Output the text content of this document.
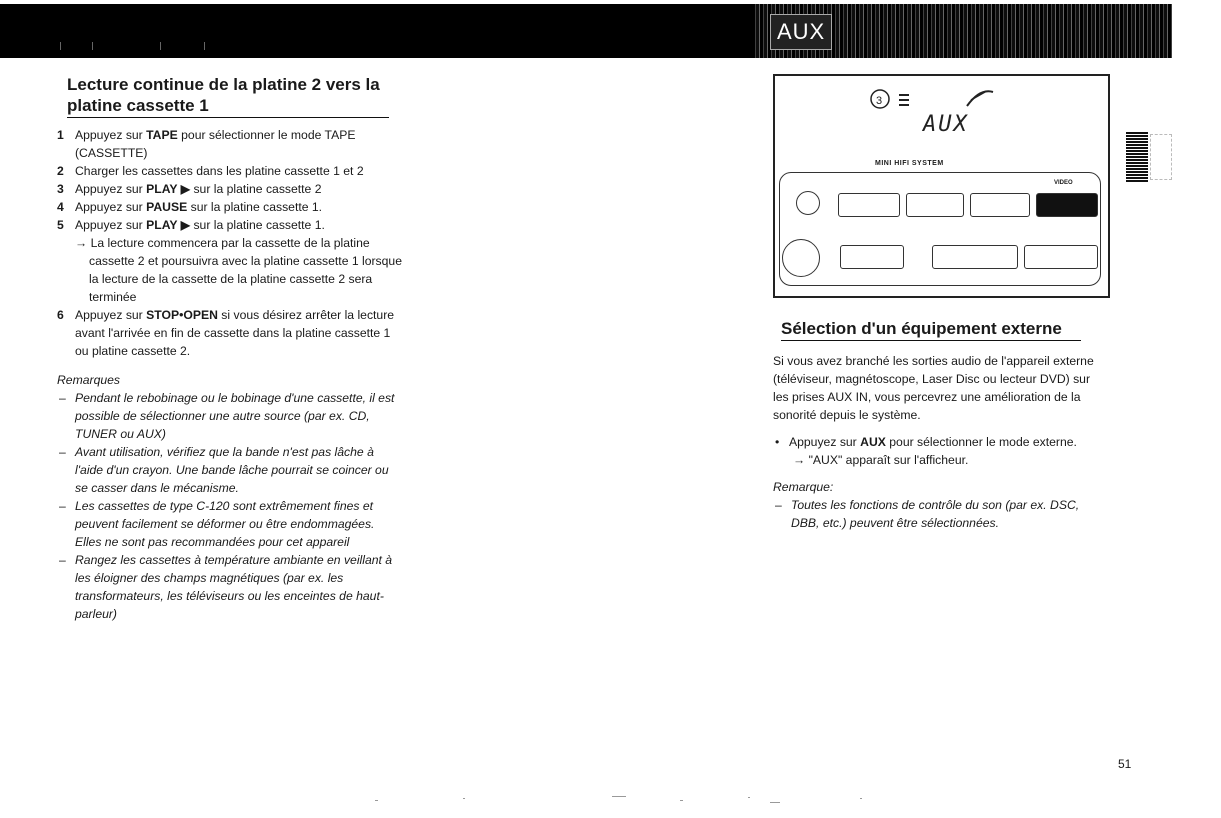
AUX
Lecture continue de la platine 2 vers la platine cassette 1
1 Appuyez sur TAPE pour sélectionner le mode TAPE (CASSETTE)
2 Charger les cassettes dans les platine cassette 1 et 2
3 Appuyez sur PLAY ▶ sur la platine cassette 2
4 Appuyez sur PAUSE sur la platine cassette 1.
5 Appuyez sur PLAY ▶ sur la platine cassette 1.
→ La lecture commencera par la cassette de la platine cassette 2 et poursuivra avec la platine cassette 1 lorsque la lecture de la cassette de la platine cassette 2 sera terminée
6 Appuyez sur STOP•OPEN si vous désirez arrêter la lecture avant l'arrivée en fin de cassette dans la platine cassette 1 ou platine cassette 2.
Remarques
– Pendant le rebobinage ou le bobinage d'une cassette, il est possible de sélectionner une autre source (par ex. CD, TUNER ou AUX)
– Avant utilisation, vérifiez que la bande n'est pas lâche à l'aide d'un crayon. Une bande lâche pourrait se coincer ou se casser dans le mécanisme.
– Les cassettes de type C-120 sont extrêmement fines et peuvent facilement se déformer ou être endommagées. Elles ne sont pas recommandées pour cet appareil
– Rangez les cassettes à température ambiante en veillant à les éloigner des champs magnétiques (par ex. les transformateurs, les téléviseurs ou les enceintes de haut-parleur)
3
AUX
MINI HIFI SYSTEM
VIDEO
Sélection d'un équipement externe
Si vous avez branché les sorties audio de l'appareil externe (téléviseur, magnétoscope, Laser Disc ou lecteur DVD) sur les prises AUX IN, vous percevrez une amélioration de la sonorité depuis le système.
• Appuyez sur AUX pour sélectionner le mode externe.
→ "AUX" apparaît sur l'afficheur.
Remarque:
– Toutes les fonctions de contrôle du son (par ex. DSC, DBB, etc.) peuvent être sélectionnées.
51
